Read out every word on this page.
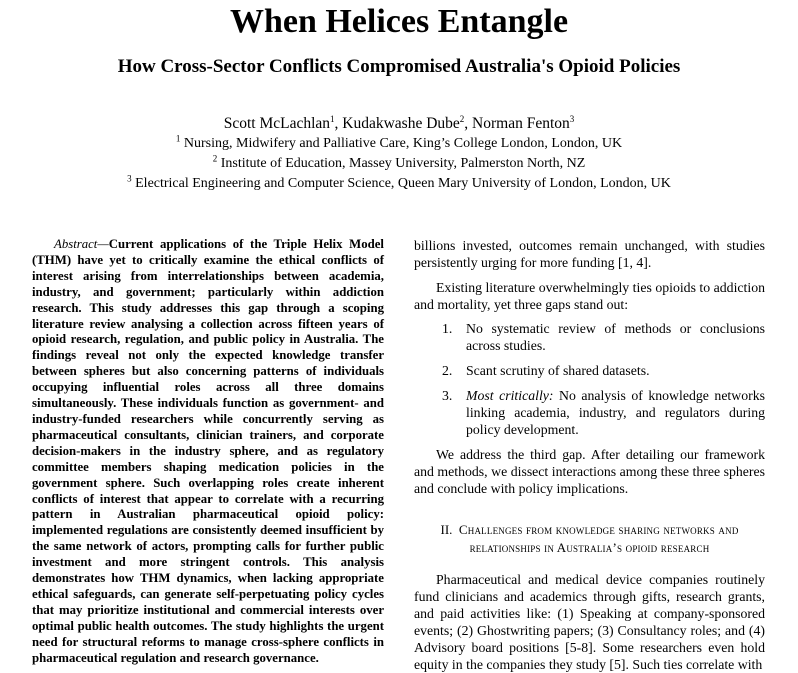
When Helices Entangle
How Cross-Sector Conflicts Compromised Australia's Opioid Policies
Scott McLachlan$^1$, Kudakwashe Dube$^2$, Norman Fenton$^3$
$^1$ Nursing, Midwifery and Palliative Care, King’s College London, London, UK
$^2$ Institute of Education, Massey University, Palmerston North, NZ
$^3$ Electrical Engineering and Computer Science, Queen Mary University of London, London, UK
Abstract—Current applications of the Triple Helix Model (THM) have yet to critically examine the ethical conflicts of interest arising from interrelationships between academia, industry, and government; particularly within addiction research. This study addresses this gap through a scoping literature review analysing a collection across fifteen years of opioid research, regulation, and public policy in Australia. The findings reveal not only the expected knowledge transfer between spheres but also concerning patterns of individuals occupying influential roles across all three domains simultaneously. These individuals function as government- and industry-funded researchers while concurrently serving as pharmaceutical consultants, clinician trainers, and corporate decision-makers in the industry sphere, and as regulatory committee members shaping medication policies in the government sphere. Such overlapping roles create inherent conflicts of interest that appear to correlate with a recurring pattern in Australian pharmaceutical opioid policy: implemented regulations are consistently deemed insufficient by the same network of actors, prompting calls for further public investment and more stringent controls. This analysis demonstrates how THM dynamics, when lacking appropriate ethical safeguards, can generate self-perpetuating policy cycles that may prioritize institutional and commercial interests over optimal public health outcomes. The study highlights the urgent need for structural reforms to manage cross-sphere conflicts in pharmaceutical regulation and research governance.

billions invested, outcomes remain unchanged, with studies persistently urging for more funding [1, 4].

Existing literature overwhelmingly ties opioids to addiction and mortality, yet three gaps stand out:

1. No systematic review of methods or conclusions across studies.
2. Scant scrutiny of shared datasets.
3. Most critically: No analysis of knowledge networks linking academia, industry, and regulators during policy development.

We address the third gap. After detailing our framework and methods, we dissect interactions among these three spheres and conclude with policy implications.

II. Challenges from knowledge sharing networks and
relationships in Australia’s opioid research

Pharmaceutical and medical device companies routinely fund clinicians and academics through gifts, research grants, and paid activities like: (1) Speaking at company-sponsored events; (2) Ghostwriting papers; (3) Consultancy roles; and (4) Advisory board positions [5-8]. Some researchers even hold equity in the companies they study [5]. Such ties correlate with
